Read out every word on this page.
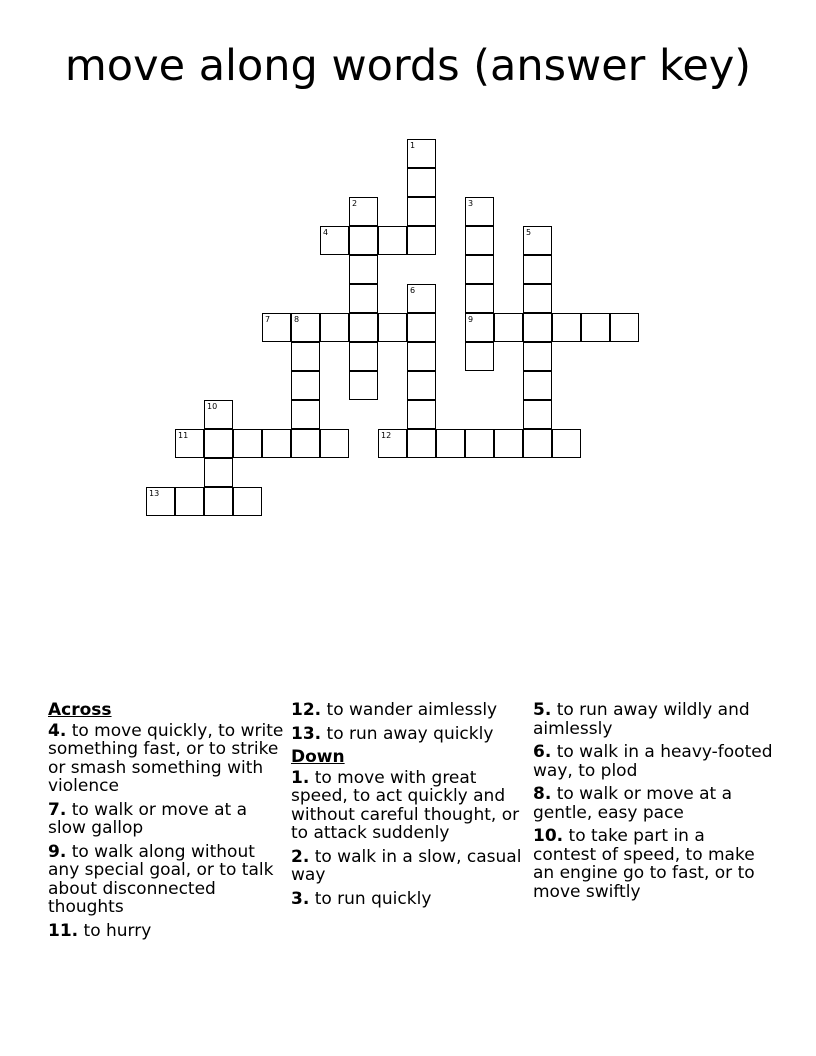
move along words (answer key)
1
2	3
9
5
6
8
10
4
7
11	12
13
Across
4. to move quickly, to write something fast, or to strike or smash something with violence
7. to walk or move at a slow gallop
9. to walk along without any special goal, or to talk about disconnected thoughts
11. to hurry
12. to wander aimlessly
13. to run away quickly
Down
1. to move with great speed, to act quickly and without careful thought, or to attack suddenly
2. to walk in a slow, casual way
3. to run quickly
5. to run away wildly and aimlessly
6. to walk in a heavy-footed way, to plod
8. to walk or move at a gentle, easy pace
10. to take part in a contest of speed, to make an engine go to fast, or to move swiftly
